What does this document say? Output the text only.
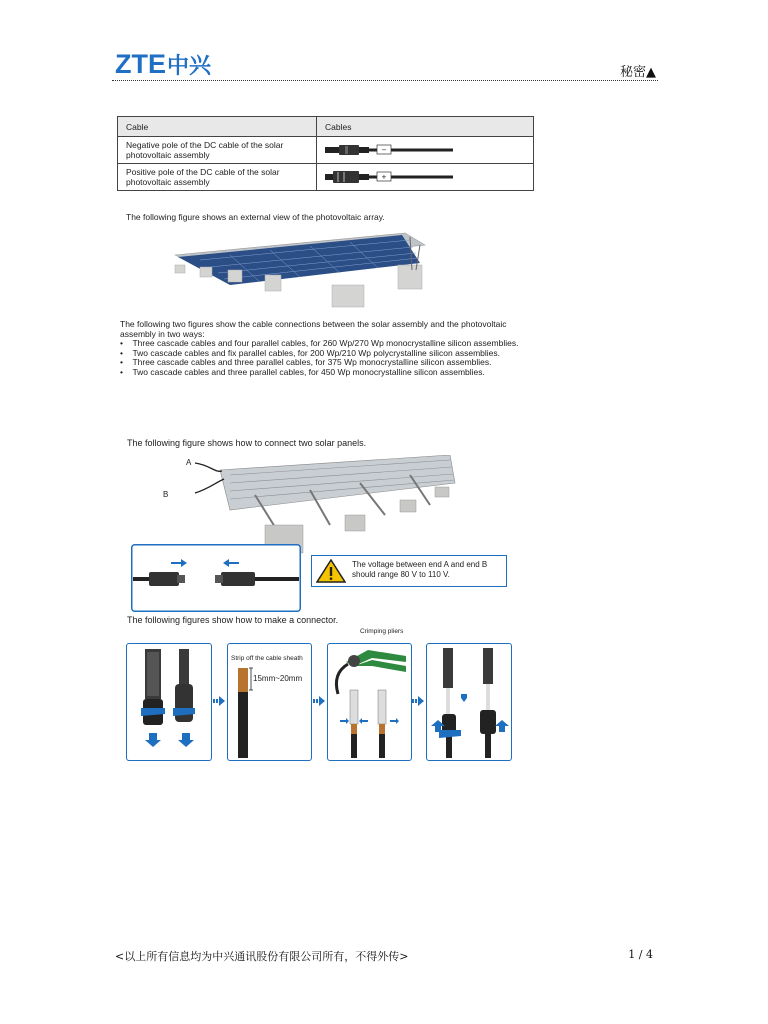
ZTE 中兴	秘密▲
Cable	Cables
Negative pole of the DC cable of the solar photovoltaic assembly	−

Positive pole of the DC cable of the solar photovoltaic assembly	+
The following figure shows an external view of the photovoltaic array.

The following two figures show the cable connections between the solar assembly and the photovoltaic assembly in two ways:

•    Three cascade cables and four parallel cables, for 260 Wp/270 Wp monocrystalline silicon assemblies.

•    Two cascade cables and fix parallel cables, for 200 Wp/210 Wp polycrystalline silicon assemblies.

•    Three cascade cables and three parallel cables, for 375 Wp monocrystalline silicon assemblies.

•    Two cascade cables and three parallel cables, for 450 Wp monocrystalline silicon assemblies.

The following figure shows how to connect two solar panels.
A
B
The voltage between end A and end B should range 80 V to 110 V.
The following figures show how to make a connector.
Strip off the cable sheath
15mm~20mm
Crimping pliers
<以上所有信息均为中兴通讯股份有限公司所有，不得外传>	1 / 4
